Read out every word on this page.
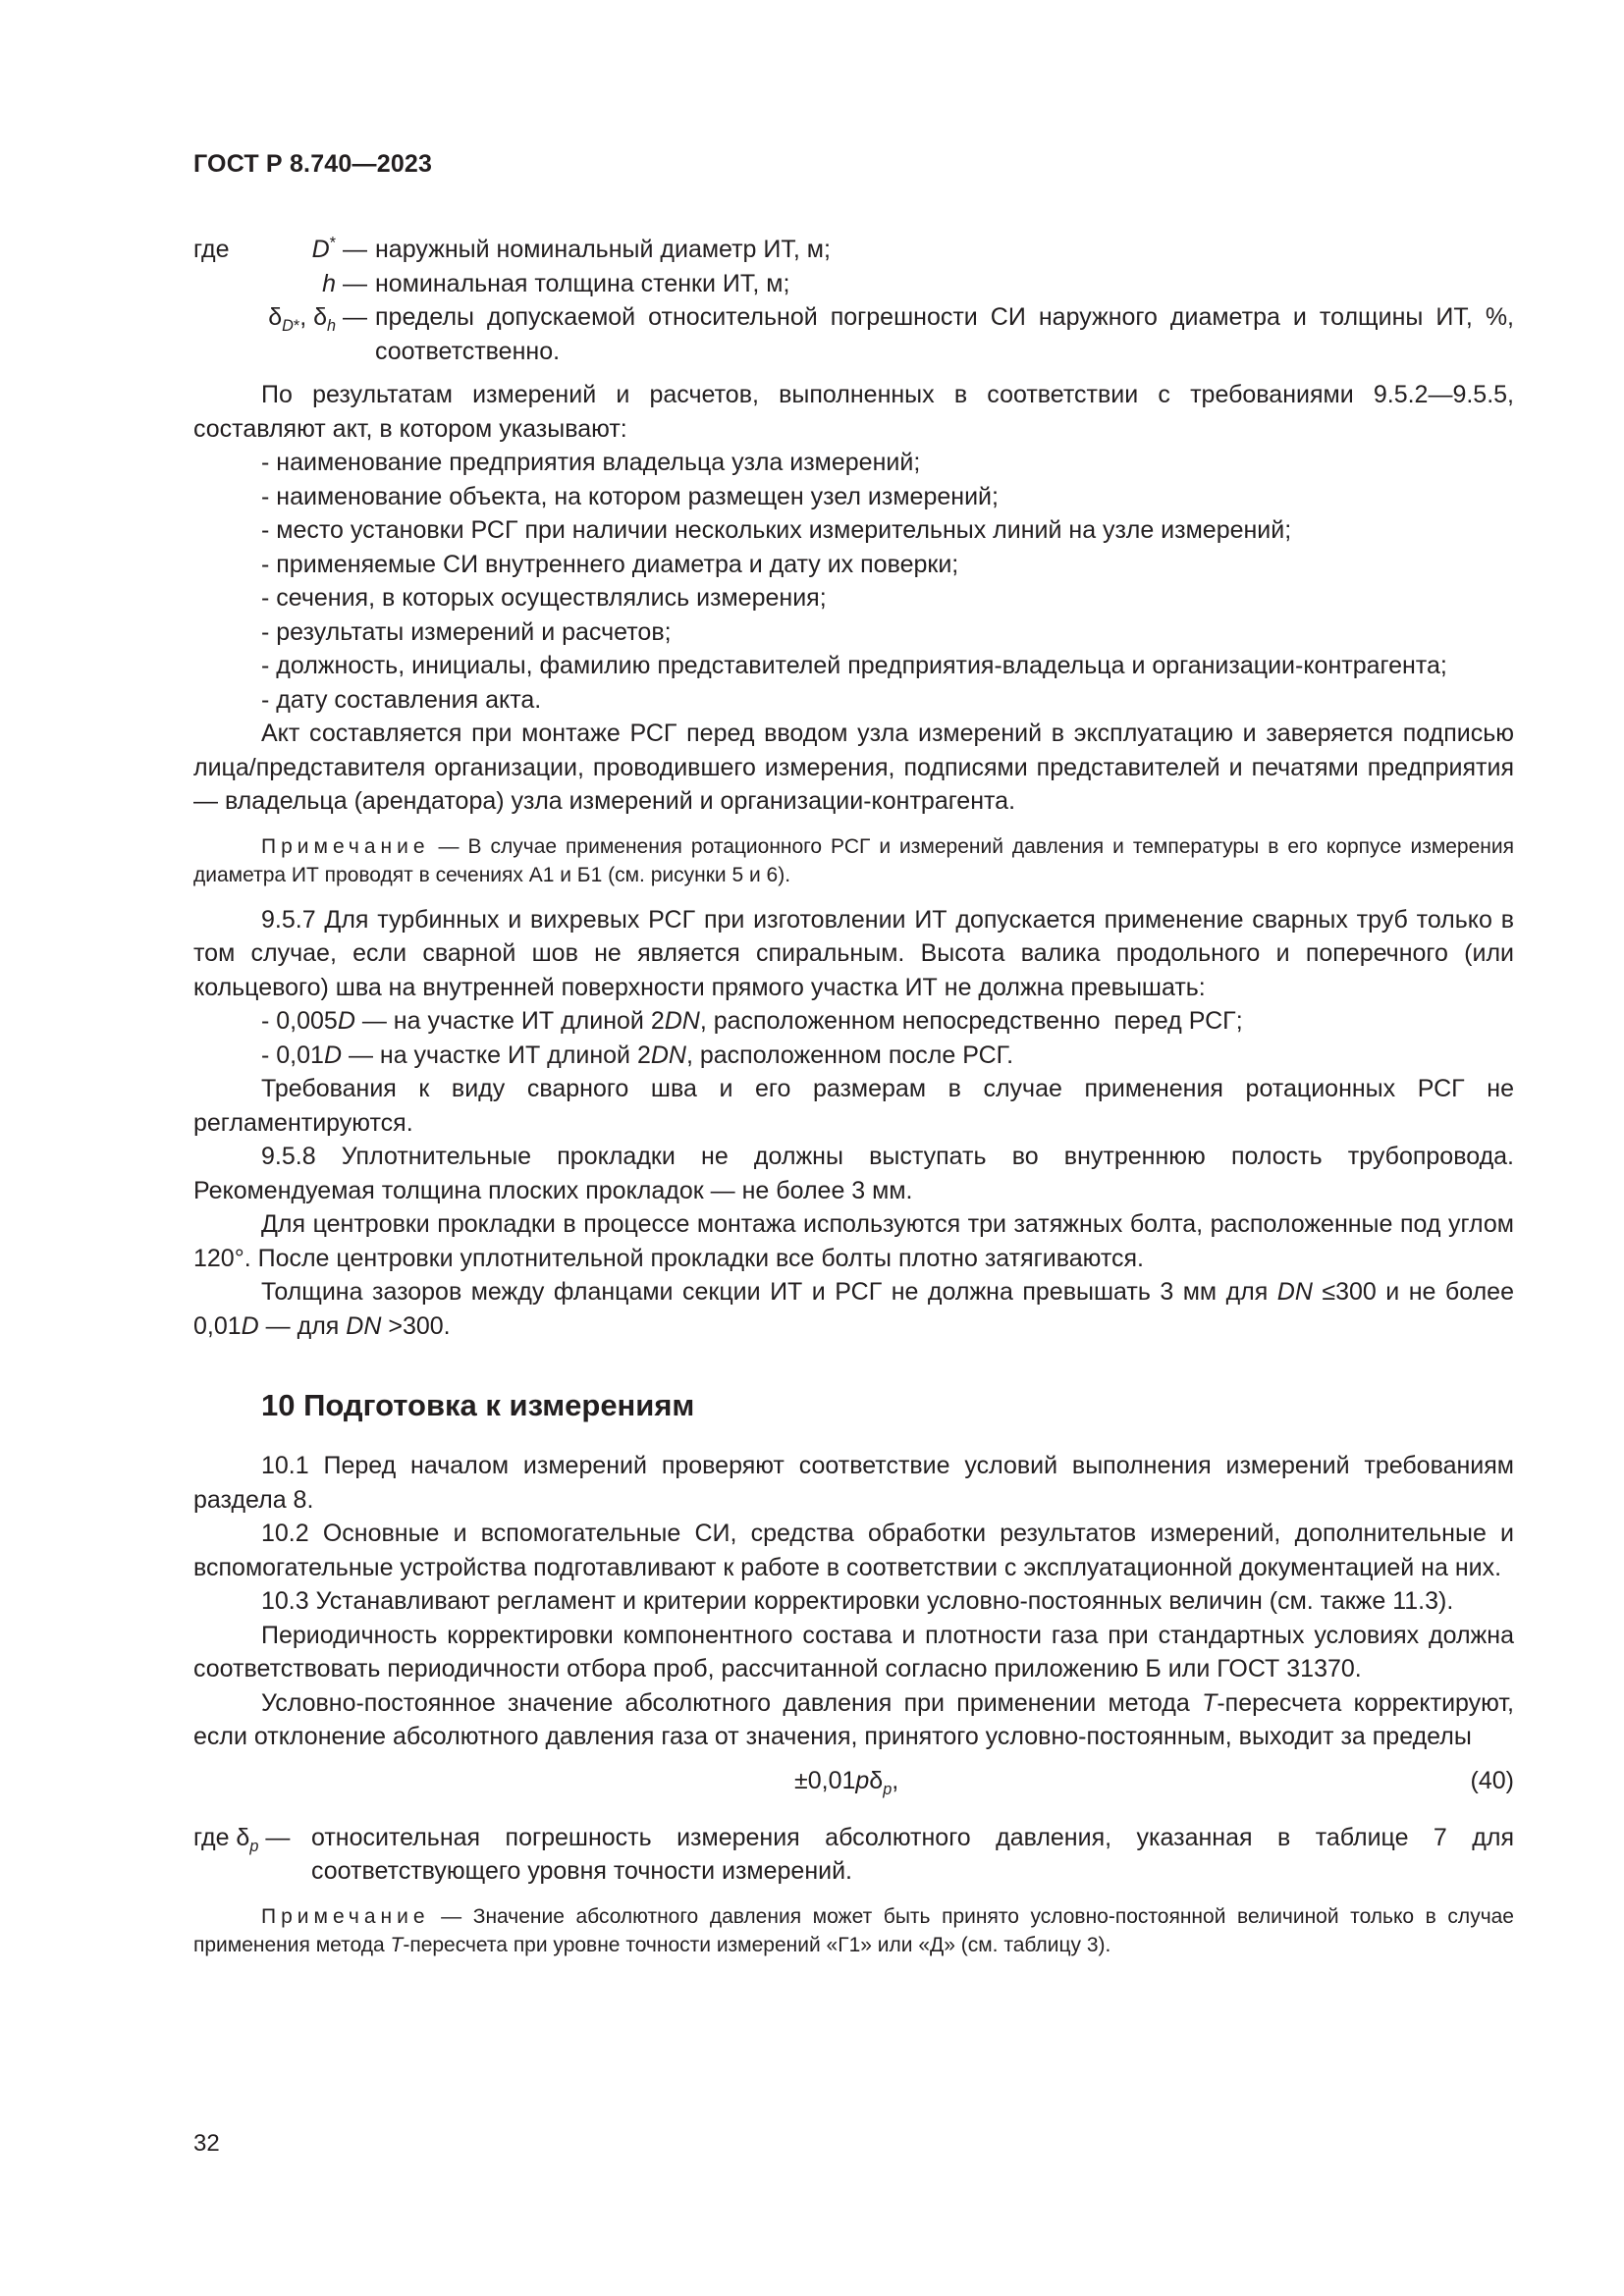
ГОСТ Р 8.740—2023
где	D* — наружный номинальный диаметр ИТ, м;
h — номинальная толщина стенки ИТ, м;
$\delta_{D*}$, $\delta_h$ — пределы допускаемой относительной погрешности СИ наружного диаметра и толщины ИТ, %, соответственно.

По результатам измерений и расчетов, выполненных в соответствии с требованиями 9.5.2—9.5.5, составляют акт, в котором указывают:

- наименование предприятия владельца узла измерений;

- наименование объекта, на котором размещен узел измерений;

- место установки РСГ при наличии нескольких измерительных линий на узле измерений;

- применяемые СИ внутреннего диаметра и дату их поверки;

- сечения, в которых осуществлялись измерения;

- результаты измерений и расчетов;

- должность, инициалы, фамилию представителей предприятия-владельца и организации-контрагента;

- дату составления акта.

Акт составляется при монтаже РСГ перед вводом узла измерений в эксплуатацию и заверяется подписью лица/представителя организации, проводившего измерения, подписями представителей и печатями предприятия — владельца (арендатора) узла измерений и организации-контрагента.

Примечание — В случае применения ротационного РСГ и измерений давления и температуры в его корпусе измерения диаметра ИТ проводят в сечениях А1 и Б1 (см. рисунки 5 и 6).

9.5.7 Для турбинных и вихревых РСГ при изготовлении ИТ допускается применение сварных труб только в том случае, если сварной шов не является спиральным. Высота валика продольного и поперечного (или кольцевого) шва на внутренней поверхности прямого участка ИТ не должна превышать:

- 0,005D — на участке ИТ длиной 2DN, расположенном непосредственно  перед РСГ;

- 0,01D — на участке ИТ длиной 2DN, расположенном после РСГ.

Требования к виду сварного шва и его размерам в случае применения ротационных РСГ не регламентируются.

9.5.8 Уплотнительные прокладки не должны выступать во внутреннюю полость трубопровода. Рекомендуемая толщина плоских прокладок — не более 3 мм.

Для центровки прокладки в процессе монтажа используются три затяжных болта, расположенные под углом 120°. После центровки уплотнительной прокладки все болты плотно затягиваются.

Толщина зазоров между фланцами секции ИТ и РСГ не должна превышать 3 мм для DN ≤300 и не более 0,01D — для DN >300.

10 Подготовка к измерениям

10.1 Перед началом измерений проверяют соответствие условий выполнения измерений требованиям раздела 8.

10.2 Основные и вспомогательные СИ, средства обработки результатов измерений, дополнительные и вспомогательные устройства подготавливают к работе в соответствии с эксплуатационной документацией на них.

10.3 Устанавливают регламент и критерии корректировки условно-постоянных величин (см. также 11.3).

Периодичность корректировки компонентного состава и плотности газа при стандартных условиях должна соответствовать периодичности отбора проб, рассчитанной согласно приложению Б или ГОСТ 31370.

Условно-постоянное значение абсолютного давления при применении метода T-пересчета корректируют, если отклонение абсолютного давления газа от значения, принятого условно-постоянным, выходит за пределы

$\pm 0,01p\delta_p$,	(40)
где $\delta_p$ — относительная погрешность измерения абсолютного давления, указанная в таблице 7 для соответствующего уровня точности измерений.

Примечание — Значение абсолютного давления может быть принято условно-постоянной величиной только в случае применения метода T-пересчета при уровне точности измерений «Г1» или «Д» (см. таблицу 3).

32
